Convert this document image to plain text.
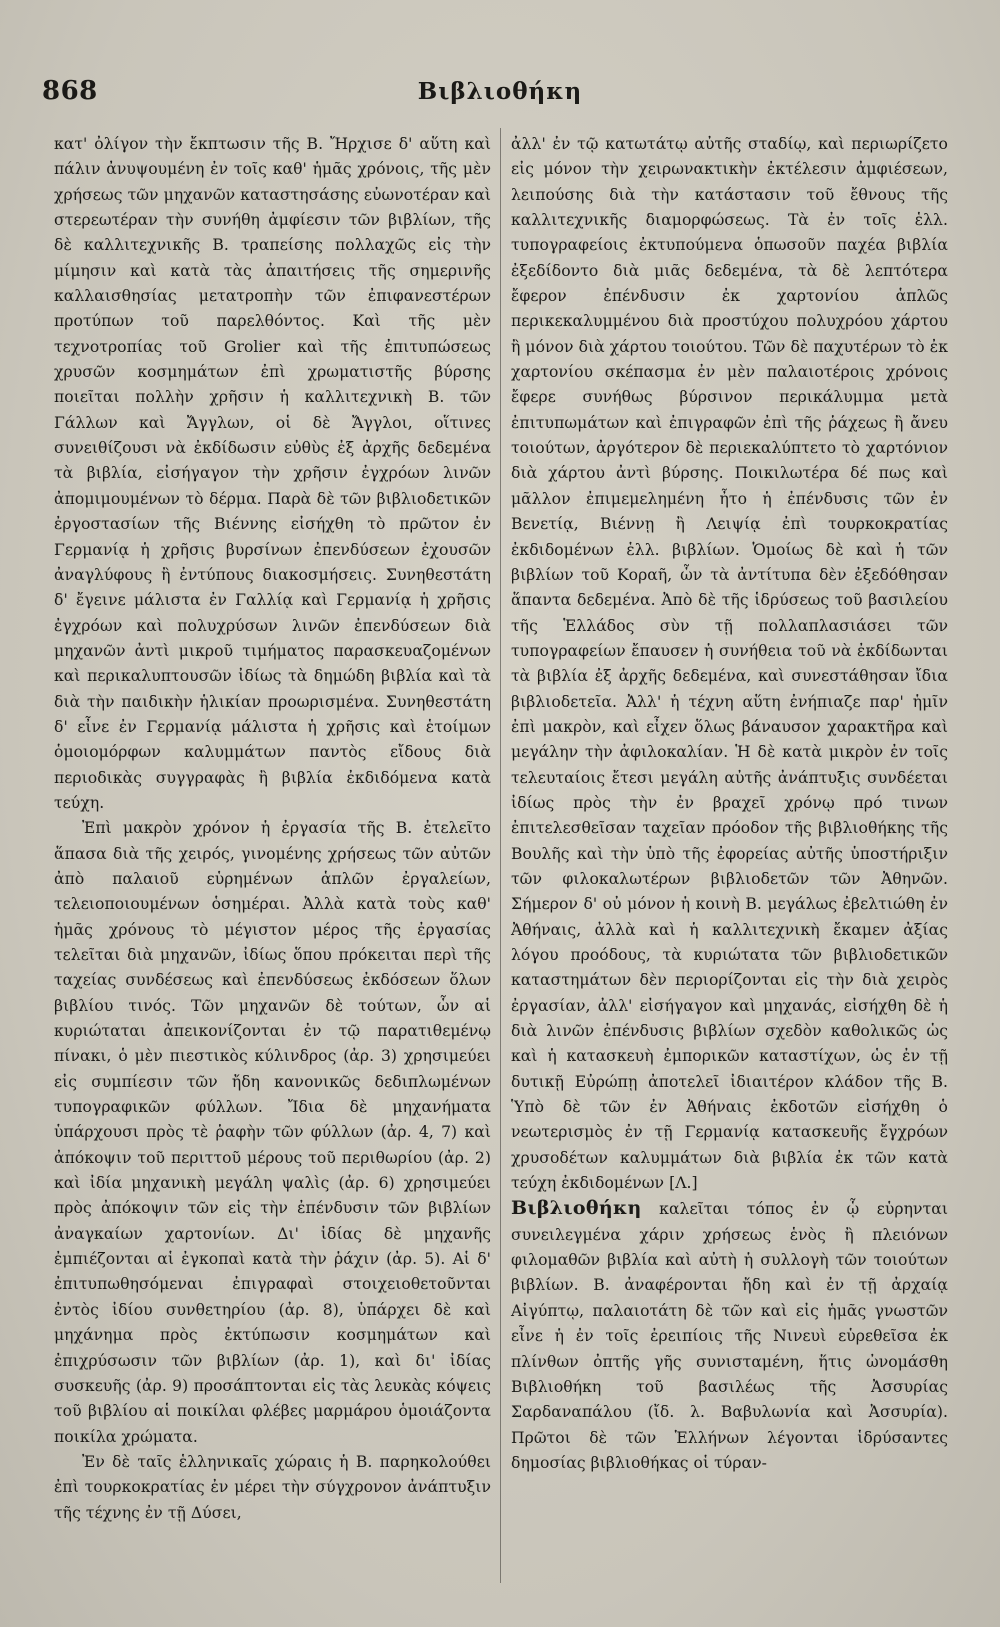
868	Βιβλιοθήκη

κατ' ὀλίγον τὴν ἔκπτωσιν τῆς Β. Ἤρχισε δ' αὕτη καὶ πάλιν ἀνυψουμένη ἐν τοῖς καθ' ἡμᾶς χρόνοις, τῆς μὲν χρήσεως τῶν μηχανῶν καταστησάσης εὐωνοτέραν καὶ στερεωτέραν τὴν συνήθη ἀμφίεσιν τῶν βιβλίων, τῆς δὲ καλλιτεχνικῆς Β. τραπείσης πολλαχῶς εἰς τὴν μίμησιν καὶ κατὰ τὰς ἀπαιτήσεις τῆς σημερινῆς καλλαισθησίας μετατροπὴν τῶν ἐπιφανεστέρων προτύπων τοῦ παρελθόντος. Καὶ τῆς μὲν τεχνοτροπίας τοῦ Grolier καὶ τῆς ἐπιτυπώσεως χρυσῶν κοσμημάτων ἐπὶ χρωματιστῆς βύρσης ποιεῖται πολλὴν χρῆσιν ἡ καλλιτεχνικὴ Β. τῶν Γάλλων καὶ Ἄγγλων, οἱ δὲ Ἄγγλοι, οἵτινες συνειθίζουσι νὰ ἐκδίδωσιν εὐθὺς ἐξ ἀρχῆς δεδεμένα τὰ βιβλία, εἰσήγαγον τὴν χρῆσιν ἐγχρόων λινῶν ἀπομιμουμένων τὸ δέρμα. Παρὰ δὲ τῶν βιβλιοδετικῶν ἐργοστασίων τῆς Βιέννης εἰσήχθη τὸ πρῶτον ἐν Γερμανίᾳ ἡ χρῆσις βυρσίνων ἐπενδύσεων ἐχουσῶν ἀναγλύφους ἢ ἐντύπους διακοσμήσεις. Συνηθεστάτη δ' ἔγεινε μάλιστα ἐν Γαλλίᾳ καὶ Γερμανίᾳ ἡ χρῆσις ἐγχρόων καὶ πολυχρύσων λινῶν ἐπενδύσεων διὰ μηχανῶν ἀντὶ μικροῦ τιμήματος παρασκευαζομένων καὶ περικαλυπτουσῶν ἰδίως τὰ δημώδη βιβλία καὶ τὰ διὰ τὴν παιδικὴν ἡλικίαν προωρισμένα. Συνηθεστάτη δ' εἶνε ἐν Γερμανίᾳ μάλιστα ἡ χρῆσις καὶ ἑτοίμων ὁμοιομόρφων καλυμμάτων παντὸς εἴδους διὰ περιοδικὰς συγγραφὰς ἢ βιβλία ἐκδιδόμενα κατὰ τεύχη.

Ἐπὶ μακρὸν χρόνον ἡ ἐργασία τῆς Β. ἐτελεῖτο ἅπασα διὰ τῆς χειρός, γινομένης χρήσεως τῶν αὐτῶν ἀπὸ παλαιοῦ εὑρημένων ἁπλῶν ἐργαλείων, τελειοποιουμένων ὁσημέραι. Ἀλλὰ κατὰ τοὺς καθ' ἡμᾶς χρόνους τὸ μέγιστον μέρος τῆς ἐργασίας τελεῖται διὰ μηχανῶν, ἰδίως ὅπου πρόκειται περὶ τῆς ταχείας συνδέσεως καὶ ἐπενδύσεως ἐκδόσεων ὅλων βιβλίου τινός. Τῶν μηχανῶν δὲ τούτων, ὧν αἱ κυριώταται ἀπεικονίζονται ἐν τῷ παρατιθεμένῳ πίνακι, ὁ μὲν πιεστικὸς κύλινδρος (ἀρ. 3) χρησιμεύει εἰς συμπίεσιν τῶν ἤδη κανονικῶς δεδιπλωμένων τυπογραφικῶν φύλλων. Ἴδια δὲ μηχανήματα ὑπάρχουσι πρὸς τὲ ῥαφὴν τῶν φύλλων (ἀρ. 4, 7) καὶ ἀπόκοψιν τοῦ περιττοῦ μέρους τοῦ περιθωρίου (ἀρ. 2) καὶ ἰδία μηχανικὴ μεγάλη ψαλὶς (ἀρ. 6) χρησιμεύει πρὸς ἀπόκοψιν τῶν εἰς τὴν ἐπένδυσιν τῶν βιβλίων ἀναγκαίων χαρτονίων. Δι' ἰδίας δὲ μηχανῆς ἐμπιέζονται αἱ ἐγκοπαὶ κατὰ τὴν ῥάχιν (ἀρ. 5). Αἱ δ' ἐπιτυπωθησόμεναι ἐπιγραφαὶ στοιχειοθετοῦνται ἐντὸς ἰδίου συνθετηρίου (ἀρ. 8), ὑπάρχει δὲ καὶ μηχάνημα πρὸς ἐκτύπωσιν κοσμημάτων καὶ ἐπιχρύσωσιν τῶν βιβλίων (ἀρ. 1), καὶ δι' ἰδίας συσκευῆς (ἀρ. 9) προσάπτονται εἰς τὰς λευκὰς κόψεις τοῦ βιβλίου αἱ ποικίλαι φλέβες μαρμάρου ὁμοιάζοντα ποικίλα χρώματα.

Ἐν δὲ ταῖς ἑλληνικαῖς χώραις ἡ Β. παρηκολούθει ἐπὶ τουρκοκρατίας ἐν μέρει τὴν σύγχρονον ἀνάπτυξιν τῆς τέχνης ἐν τῇ Δύσει,

ἀλλ' ἐν τῷ κατωτάτῳ αὐτῆς σταδίῳ, καὶ περιωρίζετο εἰς μόνον τὴν χειρωνακτικὴν ἐκτέλεσιν ἀμφιέσεων, λειπούσης διὰ τὴν κατάστασιν τοῦ ἔθνους τῆς καλλιτεχνικῆς διαμορφώσεως. Τὰ ἐν τοῖς ἑλλ. τυπογραφείοις ἐκτυπούμενα ὁπωσοῦν παχέα βιβλία ἐξεδίδοντο διὰ μιᾶς δεδεμένα, τὰ δὲ λεπτότερα ἔφερον ἐπένδυσιν ἐκ χαρτονίου ἁπλῶς περικεκαλυμμένου διὰ προστύχου πολυχρόου χάρτου ἢ μόνον διὰ χάρτου τοιούτου. Τῶν δὲ παχυτέρων τὸ ἐκ χαρτονίου σκέπασμα ἐν μὲν παλαιοτέροις χρόνοις ἔφερε συνήθως βύρσινον περικάλυμμα μετὰ ἐπιτυπωμάτων καὶ ἐπιγραφῶν ἐπὶ τῆς ῥάχεως ἢ ἄνευ τοιούτων, ἀργότερον δὲ περιεκαλύπτετο τὸ χαρτόνιον διὰ χάρτου ἀντὶ βύρσης. Ποικιλωτέρα δέ πως καὶ μᾶλλον ἐπιμεμελημένη ἦτο ἡ ἐπένδυσις τῶν ἐν Βενετίᾳ, Βιέννῃ ἢ Λειψίᾳ ἐπὶ τουρκοκρατίας ἐκδιδομένων ἑλλ. βιβλίων. Ὁμοίως δὲ καὶ ἡ τῶν βιβλίων τοῦ Κοραῆ, ὧν τὰ ἀντίτυπα δὲν ἐξεδόθησαν ἅπαντα δεδεμένα. Ἀπὸ δὲ τῆς ἱδρύσεως τοῦ βασιλείου τῆς Ἑλλάδος σὺν τῇ πολλαπλασιάσει τῶν τυπογραφείων ἔπαυσεν ἡ συνήθεια τοῦ νὰ ἐκδίδωνται τὰ βιβλία ἐξ ἀρχῆς δεδεμένα, καὶ συνεστάθησαν ἴδια βιβλιοδετεῖα. Ἀλλ' ἡ τέχνη αὕτη ἐνήπιαζε παρ' ἡμῖν ἐπὶ μακρὸν, καὶ εἶχεν ὅλως βάναυσον χαρακτῆρα καὶ μεγάλην τὴν ἀφιλοκαλίαν. Ἡ δὲ κατὰ μικρὸν ἐν τοῖς τελευταίοις ἔτεσι μεγάλη αὐτῆς ἀνάπτυξις συνδέεται ἰδίως πρὸς τὴν ἐν βραχεῖ χρόνῳ πρό τινων ἐπιτελεσθεῖσαν ταχεῖαν πρόοδον τῆς βιβλιοθήκης τῆς Βουλῆς καὶ τὴν ὑπὸ τῆς ἐφορείας αὐτῆς ὑποστήριξιν τῶν φιλοκαλωτέρων βιβλιοδετῶν τῶν Ἀθηνῶν. Σήμερον δ' οὐ μόνον ἡ κοινὴ Β. μεγάλως ἐβελτιώθη ἐν Ἀθήναις, ἀλλὰ καὶ ἡ καλλιτεχνικὴ ἔκαμεν ἀξίας λόγου προόδους, τὰ κυριώτατα τῶν βιβλιοδετικῶν καταστημάτων δὲν περιορίζονται εἰς τὴν διὰ χειρὸς ἐργασίαν, ἀλλ' εἰσήγαγον καὶ μηχανάς, εἰσήχθη δὲ ἡ διὰ λινῶν ἐπένδυσις βιβλίων σχεδὸν καθολικῶς ὡς καὶ ἡ κατασκευὴ ἐμπορικῶν καταστίχων, ὡς ἐν τῇ δυτικῇ Εὐρώπῃ ἀποτελεῖ ἰδιαιτέρον κλάδον τῆς Β. Ὑπὸ δὲ τῶν ἐν Ἀθήναις ἐκδοτῶν εἰσήχθη ὁ νεωτερισμὸς ἐν τῇ Γερμανίᾳ κατασκευῆς ἔγχρόων χρυσοδέτων καλυμμάτων διὰ βιβλία ἐκ τῶν κατὰ τεύχη ἐκδιδομένων [Λ.]

Βιβλιοθήκη καλεῖται τόπος ἐν ᾧ εὑρηνται συνειλεγμένα χάριν χρήσεως ἑνὸς ἢ πλειόνων φιλομαθῶν βιβλία καὶ αὐτὴ ἡ συλλογὴ τῶν τοιούτων βιβλίων. Β. ἀναφέρονται ἤδη καὶ ἐν τῇ ἀρχαίᾳ Αἰγύπτῳ, παλαιοτάτη δὲ τῶν καὶ εἰς ἡμᾶς γνωστῶν εἶνε ἡ ἐν τοῖς ἐρειπίοις τῆς Νινευὶ εὑρεθεῖσα ἐκ πλίνθων ὀπτῆς γῆς συνισταμένη, ἥτις ὠνομάσθη Βιβλιοθήκη τοῦ βασιλέως τῆς Ἀσσυρίας Σαρδαναπάλου (ἴδ. λ. Βαβυλωνία καὶ Ἀσσυρία). Πρῶτοι δὲ τῶν Ἑλλήνων λέγονται ἱδρύσαντες δημοσίας βιβλιοθήκας οἱ τύραν-
